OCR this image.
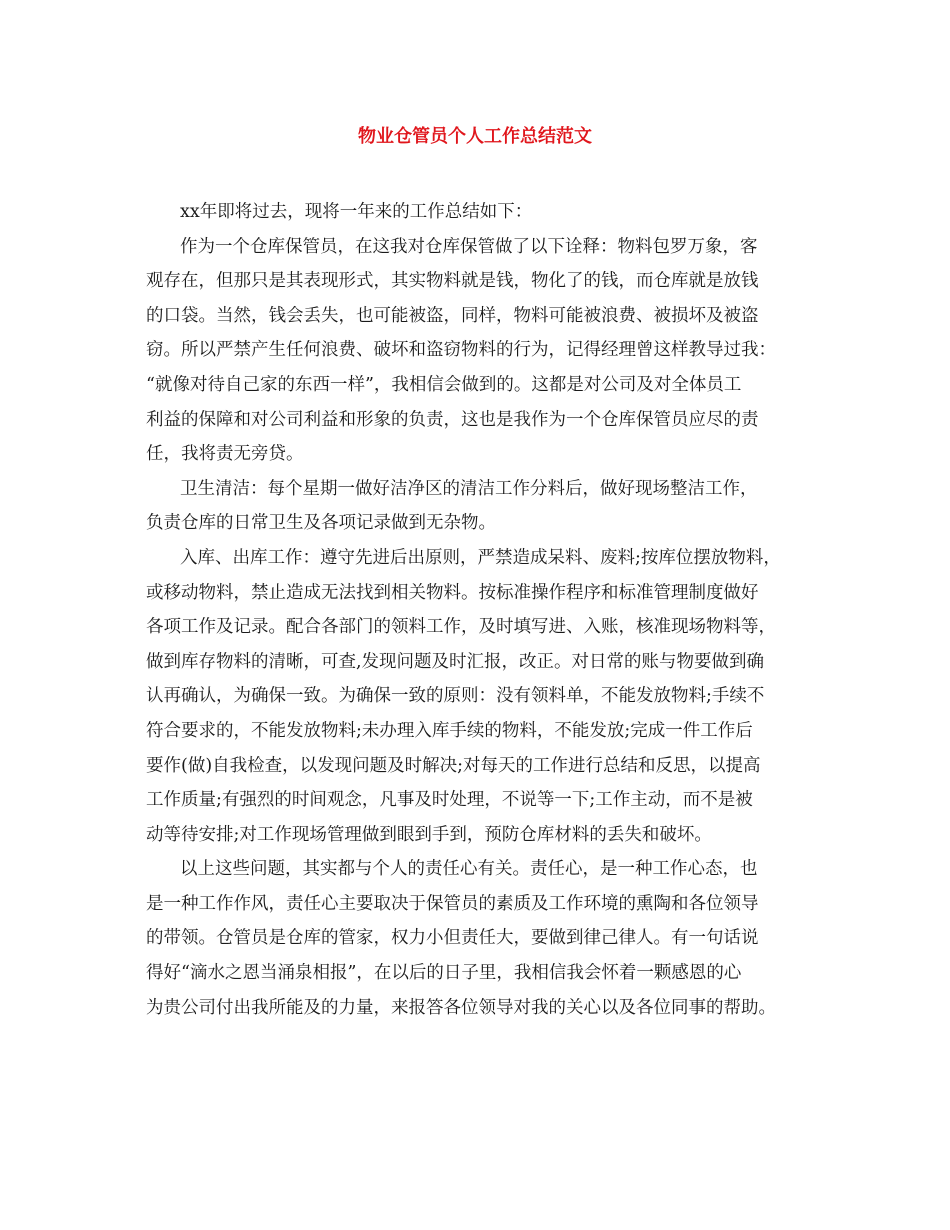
物业仓管员个人工作总结范文

xx年即将过去，现将一年来的工作总结如下：

作为一个仓库保管员，在这我对仓库保管做了以下诠释：物料包罗万象，客

观存在，但那只是其表现形式，其实物料就是钱，物化了的钱，而仓库就是放钱

的口袋。当然，钱会丢失，也可能被盗，同样，物料可能被浪费、被损坏及被盗

窃。所以严禁产生任何浪费、破坏和盗窃物料的行为，记得经理曾这样教导过我：

“就像对待自己家的东西一样”，我相信会做到的。这都是对公司及对全体员工

利益的保障和对公司利益和形象的负责，这也是我作为一个仓库保管员应尽的责

任，我将责无旁贷。

卫生清洁：每个星期一做好洁净区的清洁工作分料后，做好现场整洁工作，

负责仓库的日常卫生及各项记录做到无杂物。

入库、出库工作：遵守先进后出原则，严禁造成呆料、废料;按库位摆放物料，

或移动物料，禁止造成无法找到相关物料。按标准操作程序和标准管理制度做好

各项工作及记录。配合各部门的领料工作，及时填写进、入账，核准现场物料等，

做到库存物料的清晰，可查,发现问题及时汇报，改正。对日常的账与物要做到确

认再确认，为确保一致。为确保一致的原则：没有领料单，不能发放物料;手续不

符合要求的，不能发放物料;未办理入库手续的物料，不能发放;完成一件工作后

要作(做)自我检查，以发现问题及时解决;对每天的工作进行总结和反思，以提高

工作质量;有强烈的时间观念，凡事及时处理，不说等一下;工作主动，而不是被

动等待安排;对工作现场管理做到眼到手到，预防仓库材料的丢失和破坏。

以上这些问题，其实都与个人的责任心有关。责任心，是一种工作心态，也

是一种工作作风，责任心主要取决于保管员的素质及工作环境的熏陶和各位领导

的带领。仓管员是仓库的管家，权力小但责任大，要做到律己律人。有一句话说

得好“滴水之恩当涌泉相报”，在以后的日子里，我相信我会怀着一颗感恩的心

为贵公司付出我所能及的力量，来报答各位领导对我的关心以及各位同事的帮助。
